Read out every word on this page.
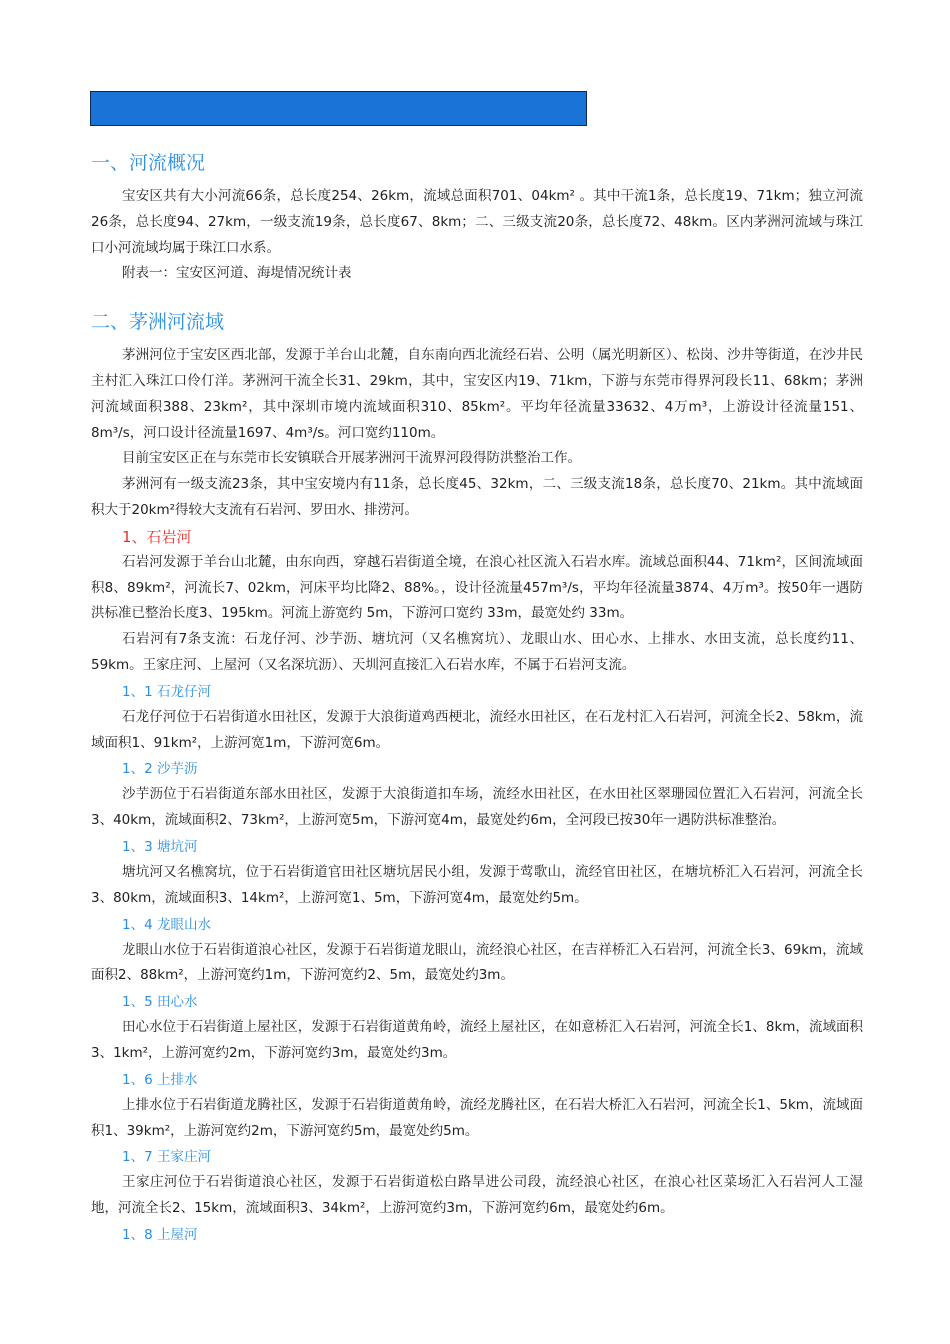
一、河流概况

宝安区共有大小河流66条，总长度254、26km，流域总面积701、04km² 。其中干流1条，总长度19、71km；独立河流26条，总长度94、27km，一级支流19条，总长度67、8km；二、三级支流20条，总长度72、48km。区内茅洲河流域与珠江口小河流域均属于珠江口水系。

附表一：宝安区河道、海堤情况统计表

二、茅洲河流域

茅洲河位于宝安区西北部，发源于羊台山北麓，自东南向西北流经石岩、公明（属光明新区）、松岗、沙井等街道，在沙井民主村汇入珠江口伶仃洋。茅洲河干流全长31、29km，其中，宝安区内19、71km，下游与东莞市得界河段长11、68km；茅洲河流域面积388、23km²，其中深圳市境内流域面积310、85km²。平均年径流量33632、4万m³，上游设计径流量151、8m³/s，河口设计径流量1697、4m³/s。河口宽约110m。

目前宝安区正在与东莞市长安镇联合开展茅洲河干流界河段得防洪整治工作。

茅洲河有一级支流23条，其中宝安境内有11条，总长度45、32km，二、三级支流18条，总长度70、21km。其中流域面积大于20km²得较大支流有石岩河、罗田水、排涝河。

1、石岩河

石岩河发源于羊台山北麓，由东向西，穿越石岩街道全境，在浪心社区流入石岩水库。流域总面积44、71km²，区间流域面积8、89km²，河流长7、02km，河床平均比降2、88%。，设计径流量457m³/s，平均年径流量3874、4万m³。按50年一遇防洪标准已整治长度3、195km。河流上游宽约 5m，下游河口宽约 33m，最宽处约 33m。

石岩河有7条支流：石龙仔河、沙芋沥、塘坑河（又名樵窝坑）、龙眼山水、田心水、上排水、水田支流，总长度约11、59km。王家庄河、上屋河（又名深坑沥）、天圳河直接汇入石岩水库，不属于石岩河支流。

1、1 石龙仔河

石龙仔河位于石岩街道水田社区，发源于大浪街道鸡西梗北，流经水田社区，在石龙村汇入石岩河，河流全长2、58km，流域面积1、91km²，上游河宽1m，下游河宽6m。

1、2 沙芋沥

沙芋沥位于石岩街道东部水田社区，发源于大浪街道扣车场，流经水田社区，在水田社区翠珊园位置汇入石岩河，河流全长3、40km，流域面积2、73km²，上游河宽5m，下游河宽4m，最宽处约6m，全河段已按30年一遇防洪标准整治。

1、3 塘坑河

塘坑河又名樵窝坑，位于石岩街道官田社区塘坑居民小组，发源于莺歌山，流经官田社区，在塘坑桥汇入石岩河，河流全长3、80km，流域面积3、14km²，上游河宽1、5m，下游河宽4m，最宽处约5m。

1、4 龙眼山水

龙眼山水位于石岩街道浪心社区，发源于石岩街道龙眼山，流经浪心社区，在吉祥桥汇入石岩河，河流全长3、69km，流域面积2、88km²，上游河宽约1m，下游河宽约2、5m，最宽处约3m。

1、5 田心水

田心水位于石岩街道上屋社区，发源于石岩街道黄角岭，流经上屋社区，在如意桥汇入石岩河，河流全长1、8km，流域面积3、1km²，上游河宽约2m，下游河宽约3m，最宽处约3m。

1、6 上排水

上排水位于石岩街道龙腾社区，发源于石岩街道黄角岭，流经龙腾社区，在石岩大桥汇入石岩河，河流全长1、5km，流域面积1、39km²，上游河宽约2m，下游河宽约5m，最宽处约5m。

1、7 王家庄河

王家庄河位于石岩街道浪心社区，发源于石岩街道松白路旱进公司段，流经浪心社区，在浪心社区菜场汇入石岩河人工湿地，河流全长2、15km，流域面积3、34km²，上游河宽约3m，下游河宽约6m，最宽处约6m。

1、8 上屋河
